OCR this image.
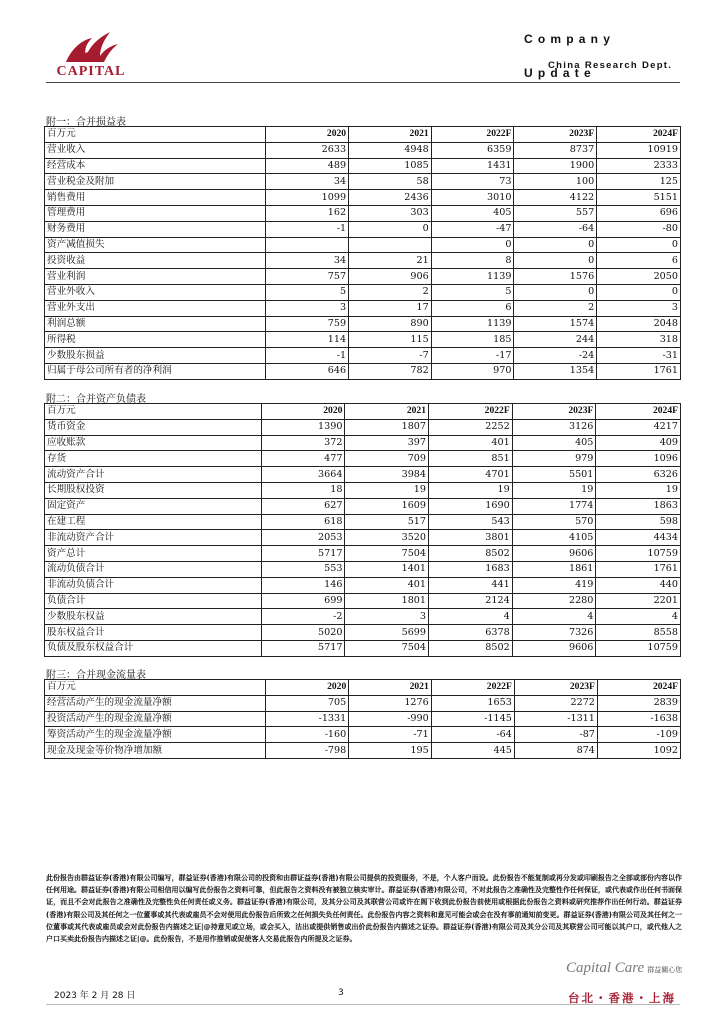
CAPITAL
Company Update
China Research Dept.
附一：合并损益表
百万元	2020	2021	2022F	2023F	2024F
营业收入	2633	4948	6359	8737	10919
经营成本	489	1085	1431	1900	2333
营业税金及附加	34	58	73	100	125
销售费用	1099	2436	3010	4122	5151
管理费用	162	303	405	557	696
财务费用	-1	0	-47	-64	-80
资产减值损失			0	0	0
投资收益	34	21	8	0	6
营业利润	757	906	1139	1576	2050
营业外收入	5	2	5	0	0
营业外支出	3	17	6	2	3
利润总额	759	890	1139	1574	2048
所得税	114	115	185	244	318
少数股东损益	-1	-7	-17	-24	-31
归属于母公司所有者的净利润	646	782	970	1354	1761
附二：合并资产负债表
百万元	2020	2021	2022F	2023F	2024F
货币资金	1390	1807	2252	3126	4217
应收账款	372	397	401	405	409
存货	477	709	851	979	1096
流动资产合计	3664	3984	4701	5501	6326
长期股权投资	18	19	19	19	19
固定资产	627	1609	1690	1774	1863
在建工程	618	517	543	570	598
非流动资产合计	2053	3520	3801	4105	4434
资产总计	5717	7504	8502	9606	10759
流动负债合计	553	1401	1683	1861	1761
非流动负债合计	146	401	441	419	440
负债合计	699	1801	2124	2280	2201
少数股东权益	-2	3	4	4	4
股东权益合计	5020	5699	6378	7326	8558
负债及股东权益合计	5717	7504	8502	9606	10759
附三：合并现金流量表
百万元	2020	2021	2022F	2023F	2024F
经营活动产生的现金流量净额	705	1276	1653	2272	2839
投资活动产生的现金流量净额	-1331	-990	-1145	-1311	-1638
筹资活动产生的现金流量净额	-160	-71	-64	-87	-109
现金及现金等价物净增加额	-798	195	445	874	1092
此份报告由群益证券(香港)有限公司编写，群益证券(香港)有限公司的投资和由群证益券(香港)有限公司提供的投资服务，不是，个人客户而设。此份报告不能复制或再分发或印刷报告之全部或部份内容以作任何用途。群益证券(香港)有限公司相信用以编写此份报告之资料可靠，但此报告之资料没有被独立核实审计。群益证券(香港)有限公司，不对此报告之准确性及完整性作任何保证，或代表或作出任何书面保证，而且不会对此报告之准确性及完整性负任何责任或义务。群益证券(香港)有限公司，及其分公司及其联营公司或许在阁下收到此份报告前使用或根据此份报告之资料或研究推荐作出任何行动。群益证券(香港)有限公司及其任何之一位董事或其代表或雇员不会对使用此份报告后所致之任何损失负任何责任。此份报告内容之资料和意见可能会或会在没有事前通知前变更。群益证券(香港)有限公司及其任何之一位董事或其代表或雇员或会对此份报告内描述之证|@持意见或立场，或会买入，沽出或提供销售或出价此份报告内描述之证券。群益证券(香港)有限公司及其分公司及其联营公司可能以其户口，或代他人之户口买卖此份报告内描述之证|@。此份报告，不是用作推销或促使客人交易此报告内所提及之证券。
Capital Care 群益關心您
2023 年 2 月 28 日	3	台北・香港・上海
